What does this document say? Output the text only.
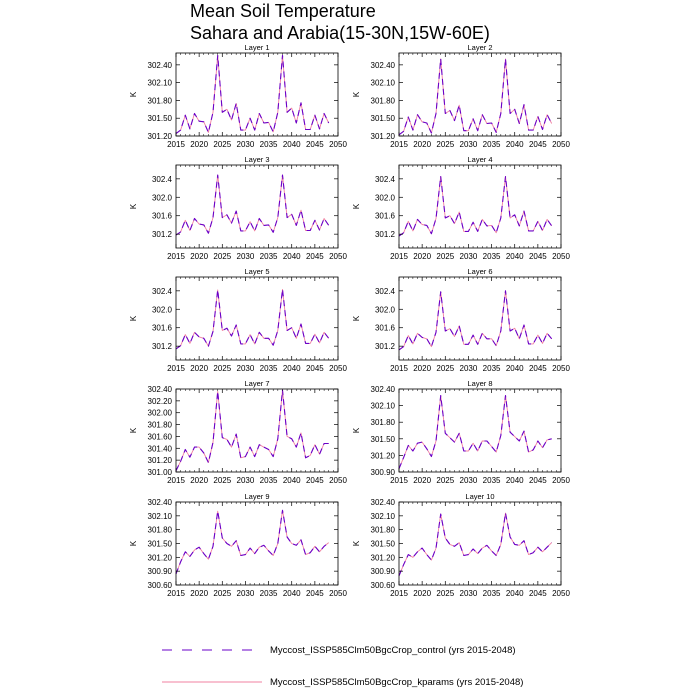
Mean Soil Temperature
Sahara and Arabia(15-30N,15W-60E)
Layer 1
2015 2020 2025 2030 2035 2040 2045 2050
301.20
301.50
301.80
302.10
302.40
K
Layer 2
2015 2020 2025 2030 2035 2040 2045 2050
301.20
301.50
301.80
302.10
302.40
K
Layer 3
2015 2020 2025 2030 2035 2040 2045 2050
301.2
301.6
302.0
302.4
K
Layer 4
2015 2020 2025 2030 2035 2040 2045 2050
301.2
301.6
302.0
302.4
K
Layer 5
2015 2020 2025 2030 2035 2040 2045 2050
301.2
301.6
302.0
302.4
K
Layer 6
2015 2020 2025 2030 2035 2040 2045 2050
301.2
301.6
302.0
302.4
K
Layer 7
2015 2020 2025 2030 2035 2040 2045 2050
301.00
301.20
301.40
301.60
301.80
302.00
302.20
302.40
K
Layer 8
2015 2020 2025 2030 2035 2040 2045 2050
300.90
301.20
301.50
301.80
302.10
302.40
K
Layer 9
2015 2020 2025 2030 2035 2040 2045 2050
300.60
300.90
301.20
301.50
301.80
302.10
302.40
K
Layer 10
2015 2020 2025 2030 2035 2040 2045 2050
300.60
300.90
301.20
301.50
301.80
302.10
302.40
K
Myccost_ISSP585Clm50BgcCrop_control (yrs 2015-2048)
Myccost_ISSP585Clm50BgcCrop_kparams (yrs 2015-2048)
